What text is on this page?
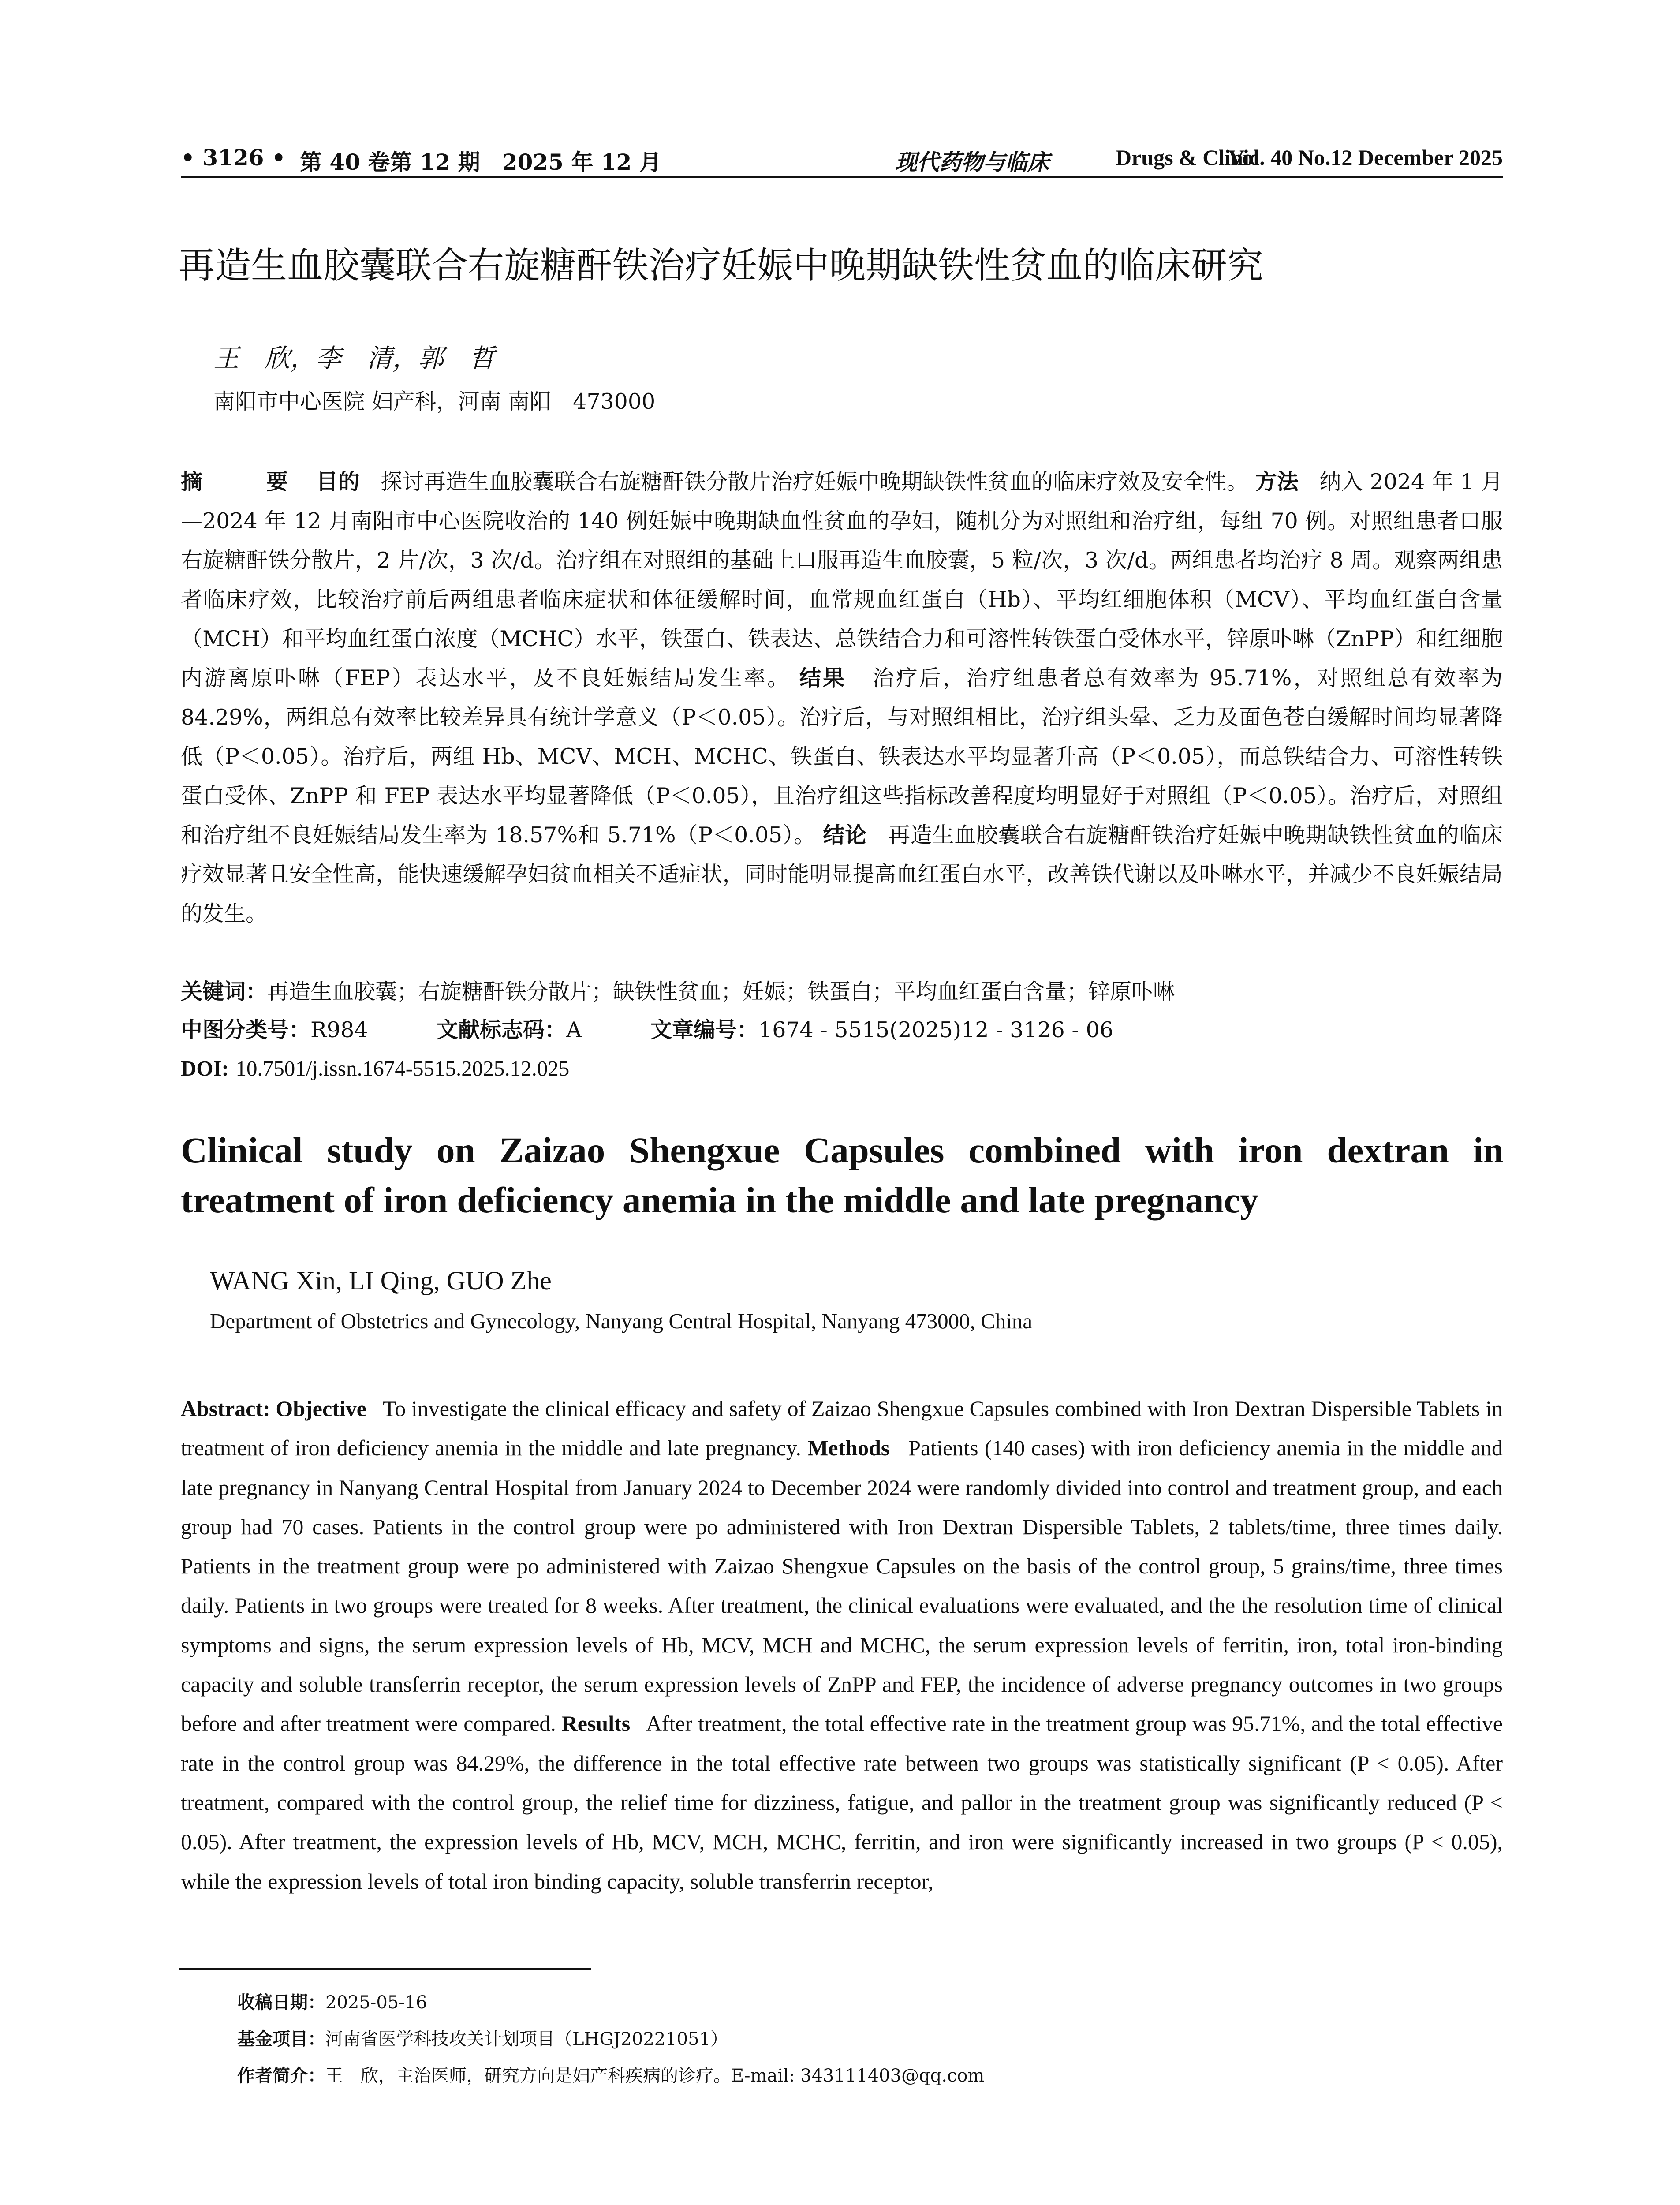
• 3126 • 第 40 卷第 12 期　2025 年 12 月	现代药物与临床	Drugs & Clinic
Vol. 40 No.12 December 2025
再造生血胶囊联合右旋糖酐铁治疗妊娠中晚期缺铁性贫血的临床研究
王　欣，李　清，郭　哲
南阳市中心医院 妇产科，河南 南阳　473000
摘　要 目的 探讨再造生血胶囊联合右旋糖酐铁分散片治疗妊娠中晚期缺铁性贫血的临床疗效及安全性。 方法 纳入 2024 年 1 月—2024 年 12 月南阳市中心医院收治的 140 例妊娠中晚期缺血性贫血的孕妇，随机分为对照组和治疗组，每组 70 例。对照组患者口服右旋糖酐铁分散片，2 片/次，3 次/d。治疗组在对照组的基础上口服再造生血胶囊，5 粒/次，3 次/d。两组患者均治疗 8 周。观察两组患者临床疗效，比较治疗前后两组患者临床症状和体征缓解时间，血常规血红蛋白（Hb）、平均红细胞体积（MCV）、平均血红蛋白含量（MCH）和平均血红蛋白浓度（MCHC）水平，铁蛋白、铁表达、总铁结合力和可溶性转铁蛋白受体水平，锌原卟啉（ZnPP）和红细胞内游离原卟啉（FEP）表达水平，及不良妊娠结局发生率。 结果 治疗后，治疗组患者总有效率为 95.71%，对照组总有效率为 84.29%，两组总有效率比较差异具有统计学意义（P＜0.05）。治疗后，与对照组相比，治疗组头晕、乏力及面色苍白缓解时间均显著降低（P＜0.05）。治疗后，两组 Hb、MCV、MCH、MCHC、铁蛋白、铁表达水平均显著升高（P＜0.05），而总铁结合力、可溶性转铁蛋白受体、ZnPP 和 FEP 表达水平均显著降低（P＜0.05），且治疗组这些指标改善程度均明显好于对照组（P＜0.05）。治疗后，对照组和治疗组不良妊娠结局发生率为 18.57%和 5.71%（P＜0.05）。 结论 再造生血胶囊联合右旋糖酐铁治疗妊娠中晚期缺铁性贫血的临床疗效显著且安全性高，能快速缓解孕妇贫血相关不适症状，同时能明显提高血红蛋白水平，改善铁代谢以及卟啉水平，并减少不良妊娠结局的发生。
关键词：再造生血胶囊；右旋糖酐铁分散片；缺铁性贫血；妊娠；铁蛋白；平均血红蛋白含量；锌原卟啉
中图分类号：R984	文献标志码：A	文章编号：1674 - 5515(2025)12 - 3126 - 06
DOI: 10.7501/j.issn.1674-5515.2025.12.025
Clinical study on Zaizao Shengxue Capsules combined with iron dextran in treatment of iron deficiency anemia in the middle and late pregnancy
WANG Xin, LI Qing, GUO Zhe
Department of Obstetrics and Gynecology, Nanyang Central Hospital, Nanyang 473000, China
Abstract: Objective To investigate the clinical efficacy and safety of Zaizao Shengxue Capsules combined with Iron Dextran Dispersible Tablets in treatment of iron deficiency anemia in the middle and late pregnancy. Methods Patients (140 cases) with iron deficiency anemia in the middle and late pregnancy in Nanyang Central Hospital from January 2024 to December 2024 were randomly divided into control and treatment group, and each group had 70 cases. Patients in the control group were po administered with Iron Dextran Dispersible Tablets, 2 tablets/time, three times daily. Patients in the treatment group were po administered with Zaizao Shengxue Capsules on the basis of the control group, 5 grains/time, three times daily. Patients in two groups were treated for 8 weeks. After treatment, the clinical evaluations were evaluated, and the the resolution time of clinical symptoms and signs, the serum expression levels of Hb, MCV, MCH and MCHC, the serum expression levels of ferritin, iron, total iron-binding capacity and soluble transferrin receptor, the serum expression levels of ZnPP and FEP, the incidence of adverse pregnancy outcomes in two groups before and after treatment were compared. Results After treatment, the total effective rate in the treatment group was 95.71%, and the total effective rate in the control group was 84.29%, the difference in the total effective rate between two groups was statistically significant (P < 0.05). After treatment, compared with the control group, the relief time for dizziness, fatigue, and pallor in the treatment group was significantly reduced (P < 0.05). After treatment, the expression levels of Hb, MCV, MCH, MCHC, ferritin, and iron were significantly increased in two groups (P < 0.05), while the expression levels of total iron binding capacity, soluble transferrin receptor,
收稿日期：2025-05-16
基金项目：河南省医学科技攻关计划项目（LHGJ20221051）
作者简介：王　欣，主治医师，研究方向是妇产科疾病的诊疗。E-mail: 343111403@qq.com
